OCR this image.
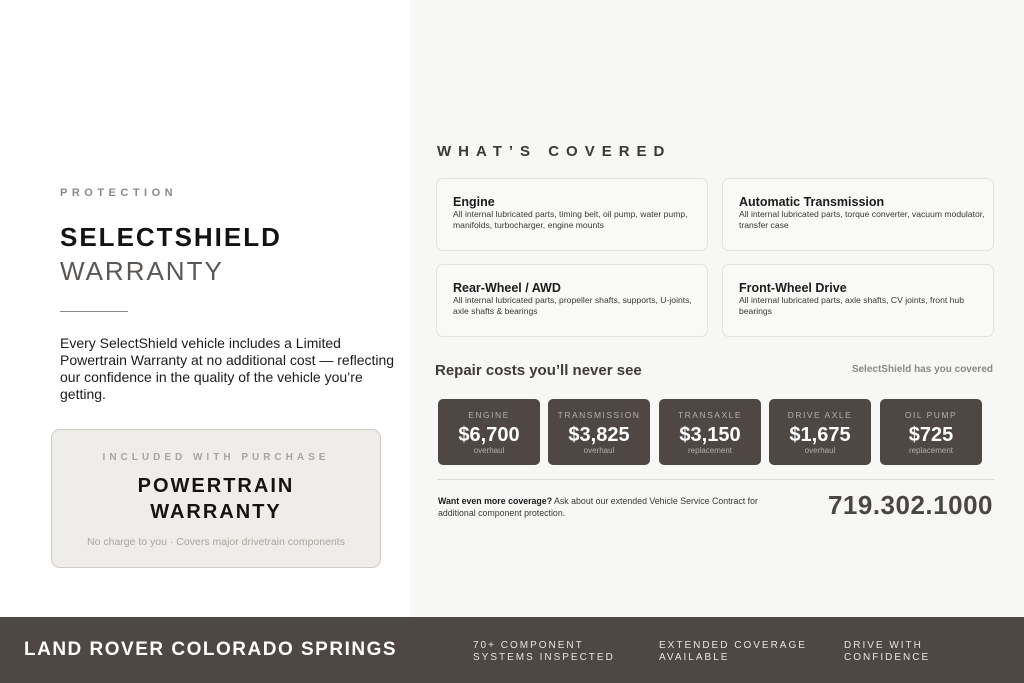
PROTECTION
SELECTSHIELD
WARRANTY
Every SelectShield vehicle includes a Limited Powertrain Warranty at no additional cost — reflecting our confidence in the quality of the vehicle you’re getting.
INCLUDED WITH PURCHASE
POWERTRAIN
WARRANTY
No charge to you · Covers major drivetrain components
WHAT’S COVERED
Engine
All internal lubricated parts, timing belt, oil pump, water pump, manifolds, turbocharger, engine mounts
Automatic Transmission
All internal lubricated parts, torque converter, vacuum modulator, transfer case
Rear-Wheel / AWD
All internal lubricated parts, propeller shafts, supports, U-joints, axle shafts & bearings
Front-Wheel Drive
All internal lubricated parts, axle shafts, CV joints, front hub bearings
Repair costs you’ll never see	SelectShield has you covered
ENGINE
$6,700
overhaul
TRANSMISSION
$3,825
overhaul
TRANSAXLE
$3,150
replacement
DRIVE AXLE
$1,675
overhaul
OIL PUMP
$725
replacement
Want even more coverage? Ask about our extended Vehicle Service Contract for additional component protection.	719.302.1000
LAND ROVER COLORADO SPRINGS	70+ COMPONENT
SYSTEMS INSPECTED
EXTENDED COVERAGE
AVAILABLE
DRIVE WITH
CONFIDENCE
